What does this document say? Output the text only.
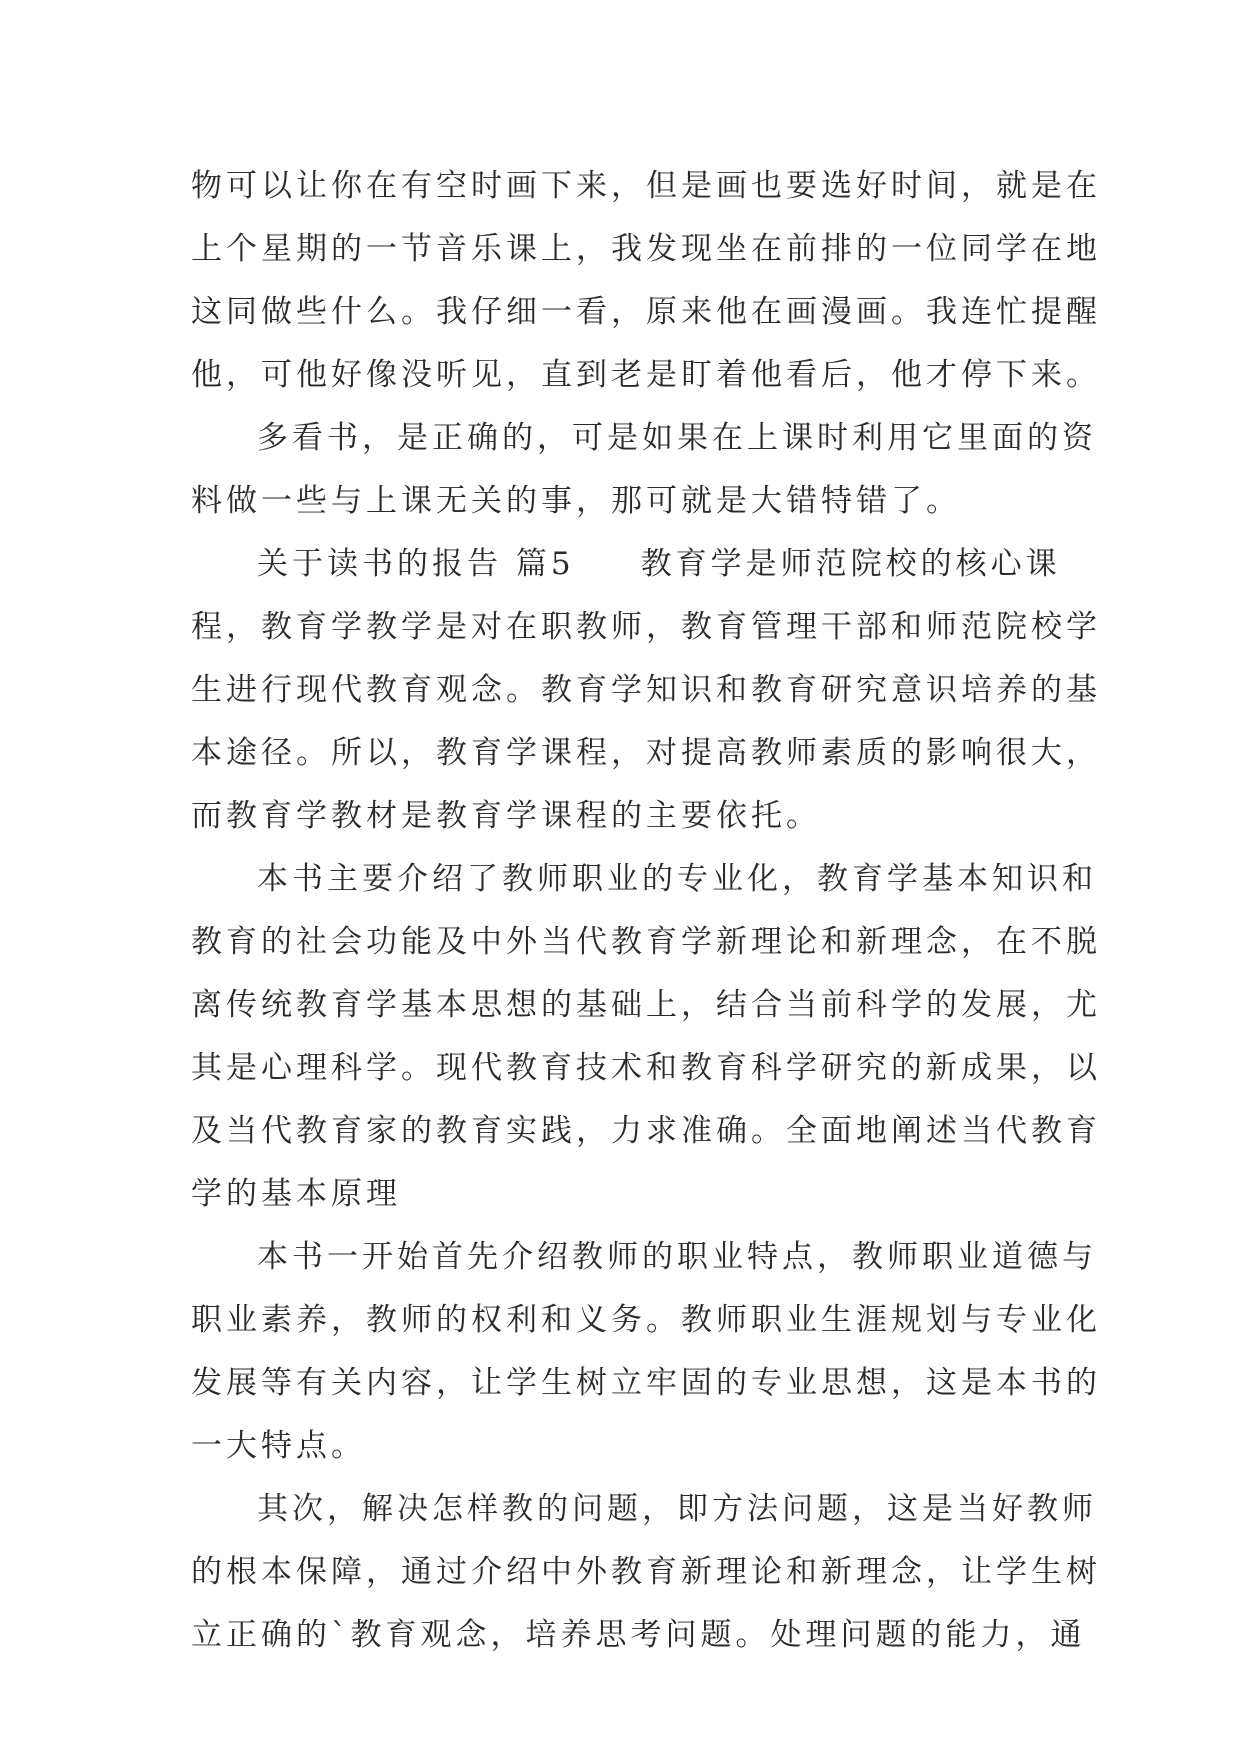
物可以让你在有空时画下来，但是画也要选好时间，就是在
上个星期的一节音乐课上，我发现坐在前排的一位同学在地
这同做些什么。我仔细一看，原来他在画漫画。我连忙提醒
他，可他好像没听见，直到老是盯着他看后，他才停下来。
多看书，是正确的，可是如果在上课时利用它里面的资
料做一些与上课无关的事，那可就是大错特错了。
关于读书的报告 篇5 教育学是师范院校的核心课
程，教育学教学是对在职教师，教育管理干部和师范院校学
生进行现代教育观念。教育学知识和教育研究意识培养的基
本途径。所以，教育学课程，对提高教师素质的影响很大，
而教育学教材是教育学课程的主要依托。
本书主要介绍了教师职业的专业化，教育学基本知识和
教育的社会功能及中外当代教育学新理论和新理念，在不脱
离传统教育学基本思想的基础上，结合当前科学的发展，尤
其是心理科学。现代教育技术和教育科学研究的新成果，以
及当代教育家的教育实践，力求准确。全面地阐述当代教育
学的基本原理
本书一开始首先介绍教师的职业特点，教师职业道德与
职业素养，教师的权利和义务。教师职业生涯规划与专业化
发展等有关内容，让学生树立牢固的专业思想，这是本书的
一大特点。
其次，解决怎样教的问题，即方法问题，这是当好教师
的根本保障，通过介绍中外教育新理论和新理念，让学生树
立正确的`教育观念，培养思考问题。处理问题的能力，通
